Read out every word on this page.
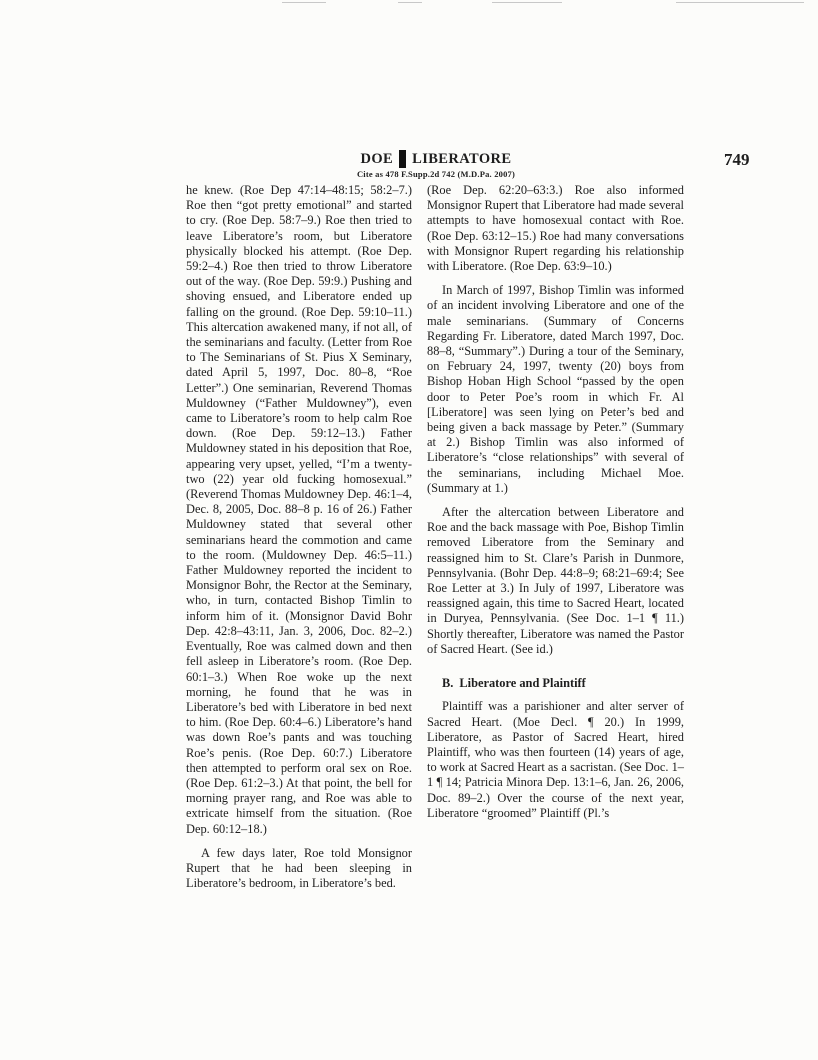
DOE LIBERATORE
Cite as 478 F.Supp.2d 742 (M.D.Pa. 2007)
749

he knew. (Roe Dep 47:14–48:15; 58:2–7.) Roe then “got pretty emotional” and started to cry. (Roe Dep. 58:7–9.) Roe then tried to leave Liberatore’s room, but Liberatore physically blocked his attempt. (Roe Dep. 59:2–4.) Roe then tried to throw Liberatore out of the way. (Roe Dep. 59:9.) Pushing and shoving ensued, and Liberatore ended up falling on the ground. (Roe Dep. 59:10–11.) This altercation awakened many, if not all, of the seminarians and faculty. (Letter from Roe to The Seminarians of St. Pius X Seminary, dated April 5, 1997, Doc. 80–8, “Roe Letter”.) One seminarian, Reverend Thomas Muldowney (“Father Muldowney”), even came to Liberatore’s room to help calm Roe down. (Roe Dep. 59:12–13.) Father Muldowney stated in his deposition that Roe, appearing very upset, yelled, “I’m a twenty-two (22) year old fucking homosexual.” (Reverend Thomas Muldowney Dep. 46:1–4, Dec. 8, 2005, Doc. 88–8 p. 16 of 26.) Father Muldowney stated that several other seminarians heard the commotion and came to the room. (Muldowney Dep. 46:5–11.) Father Muldowney reported the incident to Monsignor Bohr, the Rector at the Seminary, who, in turn, contacted Bishop Timlin to inform him of it. (Monsignor David Bohr Dep. 42:8–43:11, Jan. 3, 2006, Doc. 82–2.) Eventually, Roe was calmed down and then fell asleep in Liberatore’s room. (Roe Dep. 60:1–3.) When Roe woke up the next morning, he found that he was in Liberatore’s bed with Liberatore in bed next to him. (Roe Dep. 60:4–6.) Liberatore’s hand was down Roe’s pants and was touching Roe’s penis. (Roe Dep. 60:7.) Liberatore then attempted to perform oral sex on Roe. (Roe Dep. 61:2–3.) At that point, the bell for morning prayer rang, and Roe was able to extricate himself from the situation. (Roe Dep. 60:12–18.)

A few days later, Roe told Monsignor Rupert that he had been sleeping in Liberatore’s bedroom, in Liberatore’s bed.

(Roe Dep. 62:20–63:3.) Roe also informed Monsignor Rupert that Liberatore had made several attempts to have homosexual contact with Roe. (Roe Dep. 63:12–15.) Roe had many conversations with Monsignor Rupert regarding his relationship with Liberatore. (Roe Dep. 63:9–10.)

In March of 1997, Bishop Timlin was informed of an incident involving Liberatore and one of the male seminarians. (Summary of Concerns Regarding Fr. Liberatore, dated March 1997, Doc. 88–8, “Summary”.) During a tour of the Seminary, on February 24, 1997, twenty (20) boys from Bishop Hoban High School “passed by the open door to Peter Poe’s room in which Fr. Al [Liberatore] was seen lying on Peter’s bed and being given a back massage by Peter.” (Summary at 2.) Bishop Timlin was also informed of Liberatore’s “close relationships” with several of the seminarians, including Michael Moe. (Summary at 1.)

After the altercation between Liberatore and Roe and the back massage with Poe, Bishop Timlin removed Liberatore from the Seminary and reassigned him to St. Clare’s Parish in Dunmore, Pennsylvania. (Bohr Dep. 44:8–9; 68:21–69:4; See Roe Letter at 3.) In July of 1997, Liberatore was reassigned again, this time to Sacred Heart, located in Duryea, Pennsylvania. (See Doc. 1–1 ¶ 11.) Shortly thereafter, Liberatore was named the Pastor of Sacred Heart. (See id.)

B. Liberatore and Plaintiff

Plaintiff was a parishioner and alter server of Sacred Heart. (Moe Decl. ¶ 20.) In 1999, Liberatore, as Pastor of Sacred Heart, hired Plaintiff, who was then fourteen (14) years of age, to work at Sacred Heart as a sacristan. (See Doc. 1–1 ¶ 14; Patricia Minora Dep. 13:1–6, Jan. 26, 2006, Doc. 89–2.) Over the course of the next year, Liberatore “groomed” Plaintiff (Pl.’s
